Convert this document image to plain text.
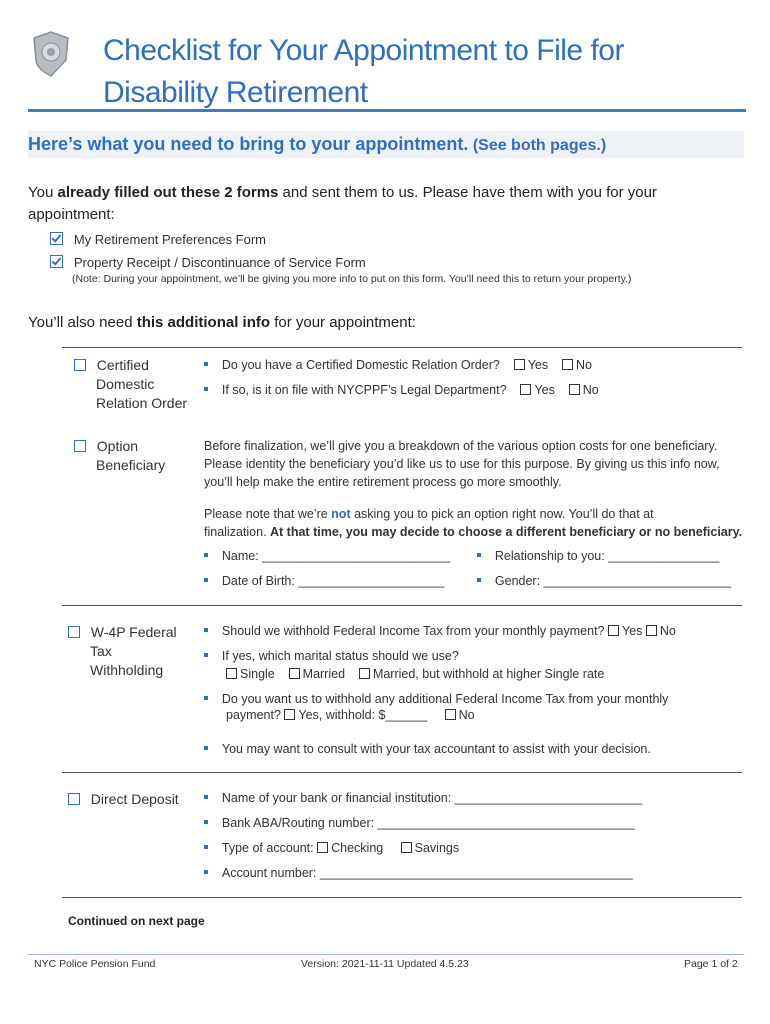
Checklist for Your Appointment to File for
Disability Retirement
Here’s what you need to bring to your appointment. (See both pages.)
You already filled out these 2 forms and sent them to us. Please have them with you for your
appointment:
My Retirement Preferences Form
Property Receipt / Discontinuance of Service Form
(Note: During your appointment, we’ll be giving you more info to put on this form. You’ll need this to return your property.)
You’ll also need this additional info for your appointment:
Certified
Domestic
Relation Order
Do you have a Certified Domestic Relation Order? Yes No
If so, is it on file with NYCPPF’s Legal Department? Yes No
Option
Beneficiary
Before finalization, we’ll give you a breakdown of the various option costs for one beneficiary.
Please identity the beneficiary you’d like us to use for this purpose. By giving us this info now,
you’ll help make the entire retirement process go more smoothly.
Please note that we’re not asking you to pick an option right now. You’ll do that at
finalization. At that time, you may decide to choose a different beneficiary or no beneficiary.
Name: ___________________________	Relationship to you: ________________
Date of Birth: _____________________	Gender: ___________________________
W-4P Federal
Tax
Withholding
Should we withhold Federal Income Tax from your monthly payment? Yes No
If yes, which marital status should we use?
Single Married Married, but withhold at higher Single rate
Do you want us to withhold any additional Federal Income Tax from your monthly
payment? Yes, withhold: $______	No
You may want to consult with your tax accountant to assist with your decision.
Direct Deposit	Name of your bank or financial institution: ___________________________
Bank ABA/Routing number: _____________________________________
Type of account: Checking	Savings
Account number: _____________________________________________
Continued on next page
NYC Police Pension Fund	Version: 2021-11-11 Updated 4.5.23	Page 1 of 2
